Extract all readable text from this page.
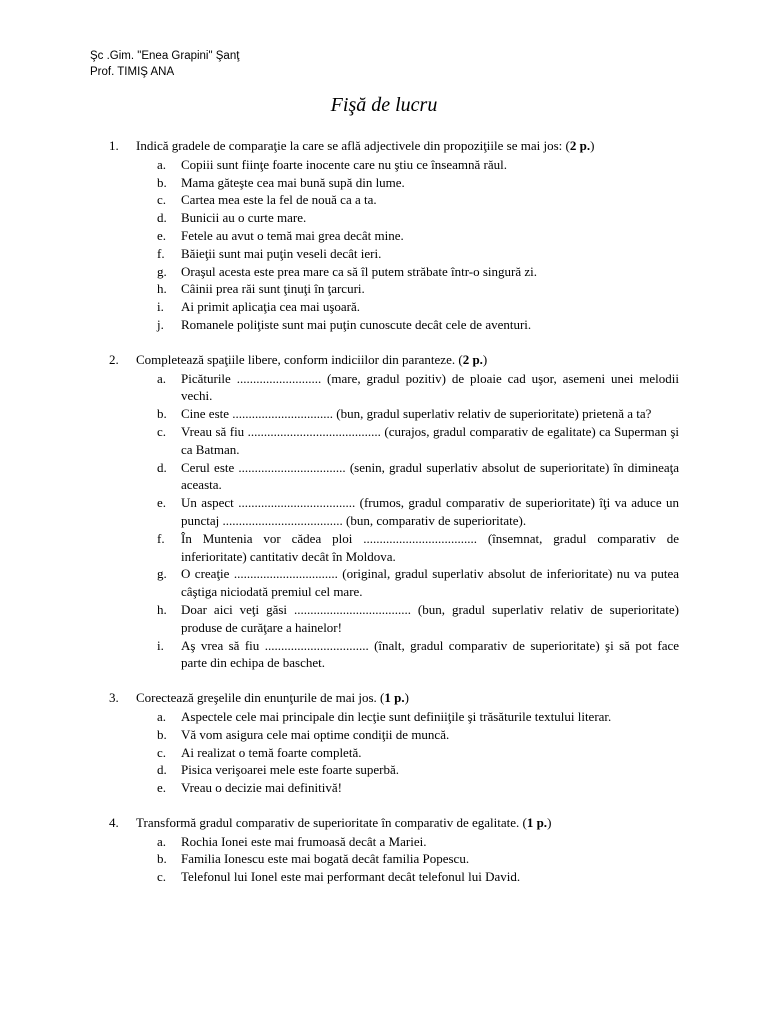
Şc .Gim. "Enea Grapini" Şanţ
Prof. TIMIŞ ANA
Fişă de lucru
1. Indică gradele de comparaţie la care se află adjectivele din propoziţiile se mai jos: (2 p.)
a. Copiii sunt fiinţe foarte inocente care nu ştiu ce înseamnă răul.
b. Mama găteşte cea mai bună supă din lume.
c. Cartea mea este la fel de nouă ca a ta.
d. Bunicii au o curte mare.
e. Fetele au avut o temă mai grea decât mine.
f. Băieţii sunt mai puţin veseli decât ieri.
g. Oraşul acesta este prea mare ca să îl putem străbate într-o singură zi.
h. Câinii prea răi sunt ţinuţi în ţarcuri.
i. Ai primit aplicaţia cea mai uşoară.
j. Romanele poliţiste sunt mai puţin cunoscute decât cele de aventuri.
2. Completează spaţiile libere, conform indiciilor din paranteze. (2 p.)
a. Picăturile .......................... (mare, gradul pozitiv) de ploaie cad uşor, asemeni unei melodii vechi.
b. Cine este ............................... (bun, gradul superlativ relativ de superioritate) prietenă a ta?
c. Vreau să fiu ......................................... (curajos, gradul comparativ de egalitate) ca Superman şi ca Batman.
d. Cerul este ................................. (senin, gradul superlativ absolut de superioritate) în dimineaţa aceasta.
e. Un aspect .................................... (frumos, gradul comparativ de superioritate) îţi va aduce un punctaj ..................................... (bun, comparativ de superioritate).
f. În Muntenia vor cădea ploi ................................... (însemnat, gradul comparativ de inferioritate) cantitativ decât în Moldova.
g. O creaţie ................................ (original, gradul superlativ absolut de inferioritate) nu va putea câştiga niciodată premiul cel mare.
h. Doar aici veţi găsi .................................... (bun, gradul superlativ relativ de superioritate) produse de curăţare a hainelor!
i. Aş vrea să fiu ................................ (înalt, gradul comparativ de superioritate) şi să pot face parte din echipa de baschet.
3. Corectează greşelile din enunţurile de mai jos. (1 p.)
a. Aspectele cele mai principale din lecţie sunt definiiţile şi trăsăturile textului literar.
b. Vă vom asigura cele mai optime condiţii de muncă.
c. Ai realizat o temă foarte completă.
d. Pisica verişoarei mele este foarte superbă.
e. Vreau o decizie mai definitivă!
4. Transformă gradul comparativ de superioritate în comparativ de egalitate. (1 p.)
a. Rochia Ionei este mai frumoasă decât a Mariei.
b. Familia Ionescu este mai bogată decât familia Popescu.
c. Telefonul lui Ionel este mai performant decât telefonul lui David.
